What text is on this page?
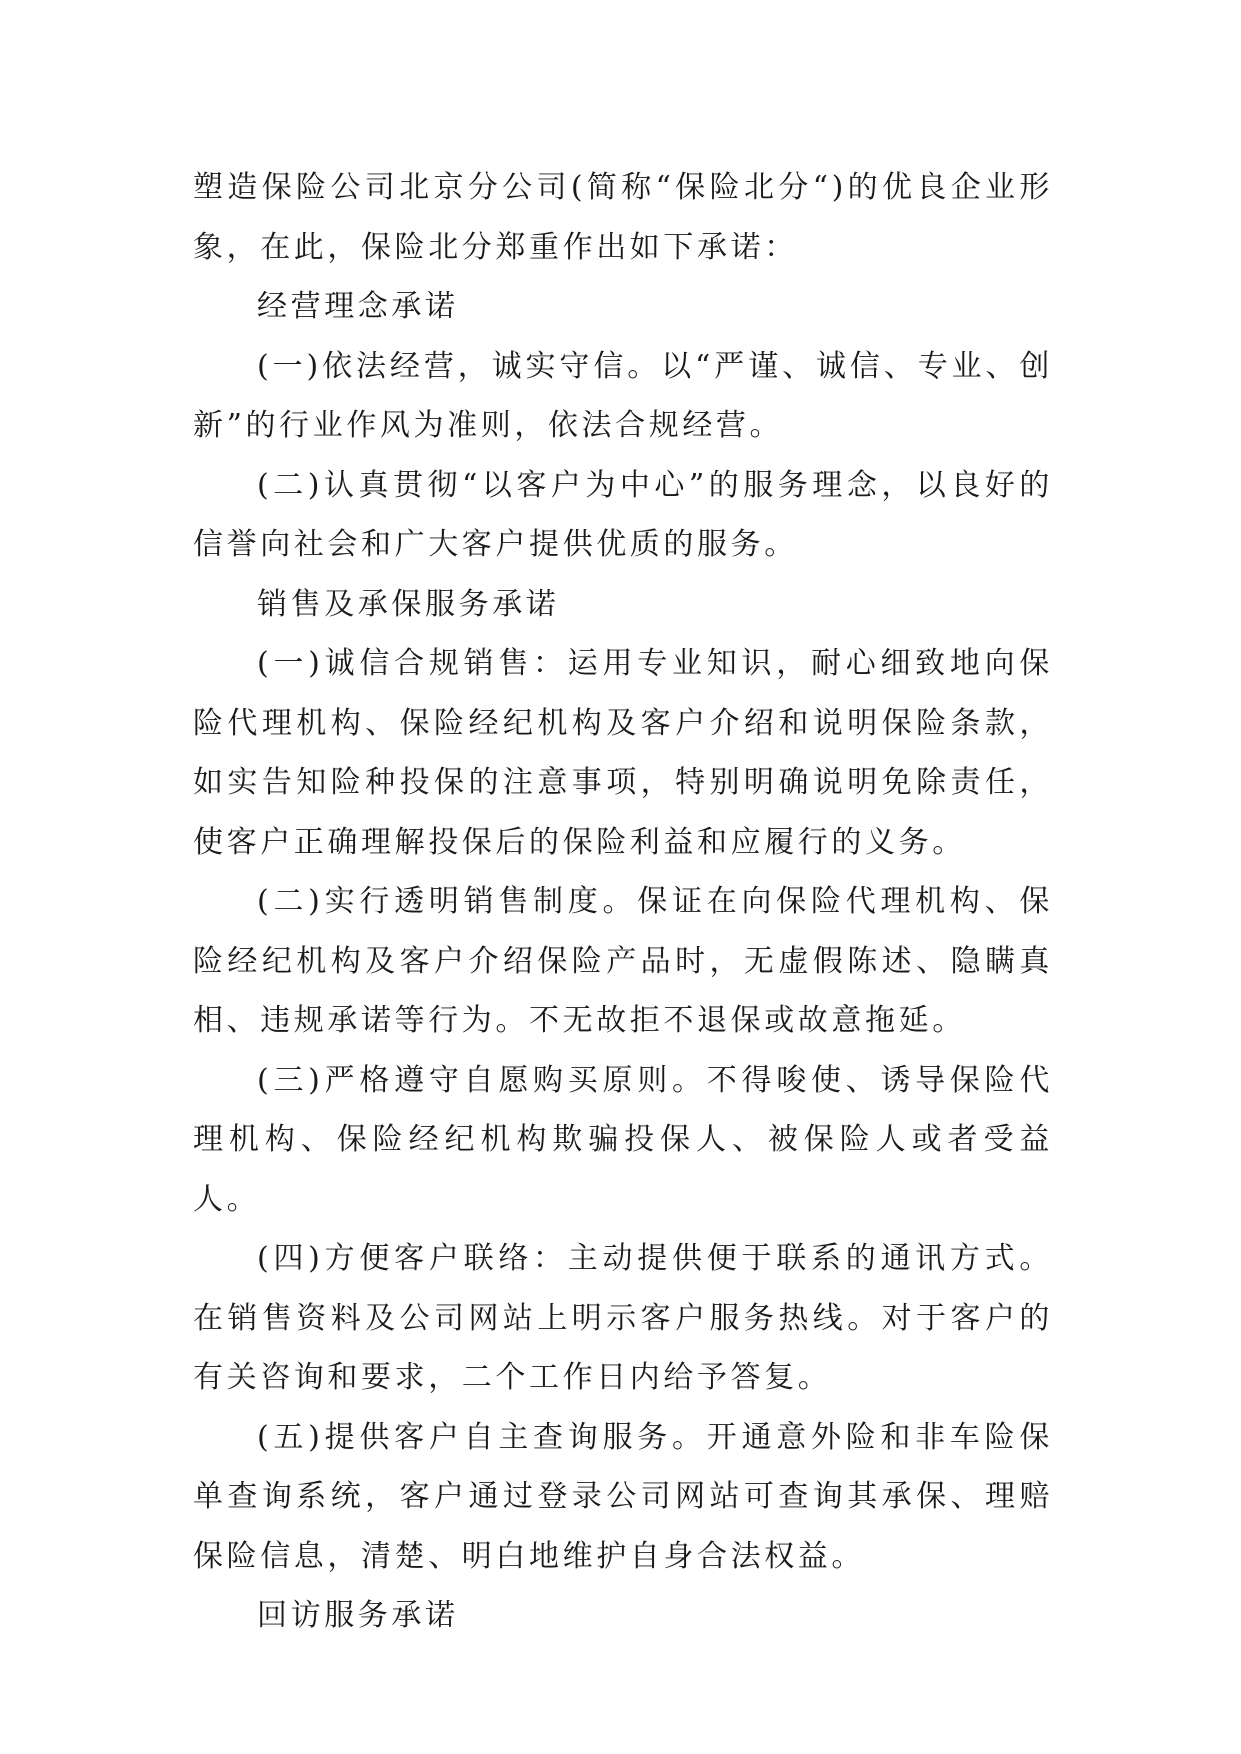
塑造保险公司北京分公司(简称“保险北分“)的优良企业形象，在此，保险北分郑重作出如下承诺：

经营理念承诺

(一)依法经营，诚实守信。以“严谨、诚信、专业、创新”的行业作风为准则，依法合规经营。

(二)认真贯彻“以客户为中心”的服务理念，以良好的信誉向社会和广大客户提供优质的服务。

销售及承保服务承诺

(一)诚信合规销售：运用专业知识，耐心细致地向保险代理机构、保险经纪机构及客户介绍和说明保险条款，如实告知险种投保的注意事项，特别明确说明免除责任，使客户正确理解投保后的保险利益和应履行的义务。

(二)实行透明销售制度。保证在向保险代理机构、保险经纪机构及客户介绍保险产品时，无虚假陈述、隐瞒真相、违规承诺等行为。不无故拒不退保或故意拖延。

(三)严格遵守自愿购买原则。不得唆使、诱导保险代理机构、保险经纪机构欺骗投保人、被保险人或者受益人。

(四)方便客户联络：主动提供便于联系的通讯方式。在销售资料及公司网站上明示客户服务热线。对于客户的有关咨询和要求，二个工作日内给予答复。

(五)提供客户自主查询服务。开通意外险和非车险保单查询系统，客户通过登录公司网站可查询其承保、理赔保险信息，清楚、明白地维护自身合法权益。

回访服务承诺
